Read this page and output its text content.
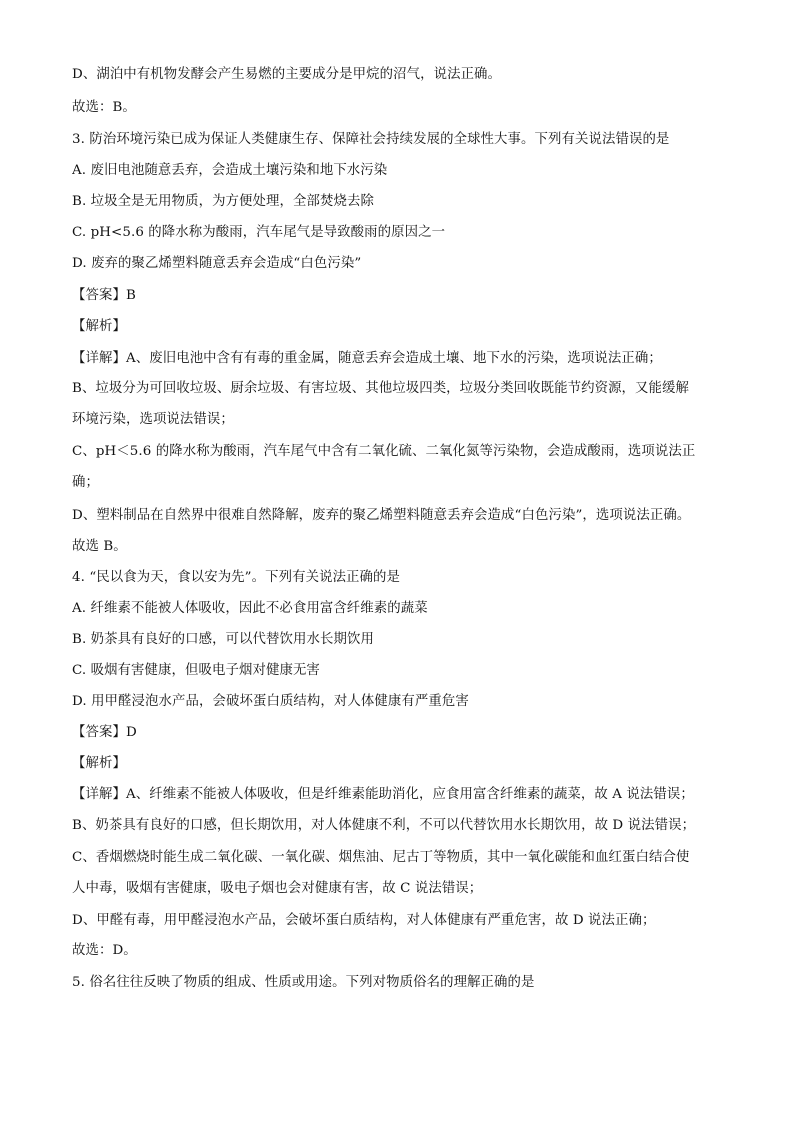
D、湖泊中有机物发酵会产生易燃的主要成分是甲烷的沼气，说法正确。
故选：B。
3. 防治环境污染已成为保证人类健康生存、保障社会持续发展的全球性大事。下列有关说法错误的是
A. 废旧电池随意丢弃，会造成土壤污染和地下水污染
B. 垃圾全是无用物质，为方便处理，全部焚烧去除
C. pH<5.6 的降水称为酸雨，汽车尾气是导致酸雨的原因之一
D. 废弃的聚乙烯塑料随意丢弃会造成“白色污染”
【答案】B
【解析】
【详解】A、废旧电池中含有有毒的重金属，随意丢弃会造成土壤、地下水的污染，选项说法正确；
B、垃圾分为可回收垃圾、厨余垃圾、有害垃圾、其他垃圾四类，垃圾分类回收既能节约资源，又能缓解
环境污染，选项说法错误；
C、pH＜5.6 的降水称为酸雨，汽车尾气中含有二氧化硫、二氧化氮等污染物，会造成酸雨，选项说法正
确；
D、塑料制品在自然界中很难自然降解，废弃的聚乙烯塑料随意丢弃会造成“白色污染”，选项说法正确。
故选 B。
4. “民以食为天，食以安为先”。下列有关说法正确的是
A. 纤维素不能被人体吸收，因此不必食用富含纤维素的蔬菜
B. 奶茶具有良好的口感，可以代替饮用水长期饮用
C. 吸烟有害健康，但吸电子烟对健康无害
D. 用甲醛浸泡水产品，会破坏蛋白质结构，对人体健康有严重危害
【答案】D
【解析】
【详解】A、纤维素不能被人体吸收，但是纤维素能助消化，应食用富含纤维素的蔬菜，故 A 说法错误；
B、奶茶具有良好的口感，但长期饮用，对人体健康不利，不可以代替饮用水长期饮用，故 D 说法错误；
C、香烟燃烧时能生成二氧化碳、一氧化碳、烟焦油、尼古丁等物质，其中一氧化碳能和血红蛋白结合使
人中毒，吸烟有害健康，吸电子烟也会对健康有害，故 C 说法错误；
D、甲醛有毒，用甲醛浸泡水产品，会破坏蛋白质结构，对人体健康有严重危害，故 D 说法正确；
故选：D。
5. 俗名往往反映了物质的组成、性质或用途。下列对物质俗名的理解正确的是
